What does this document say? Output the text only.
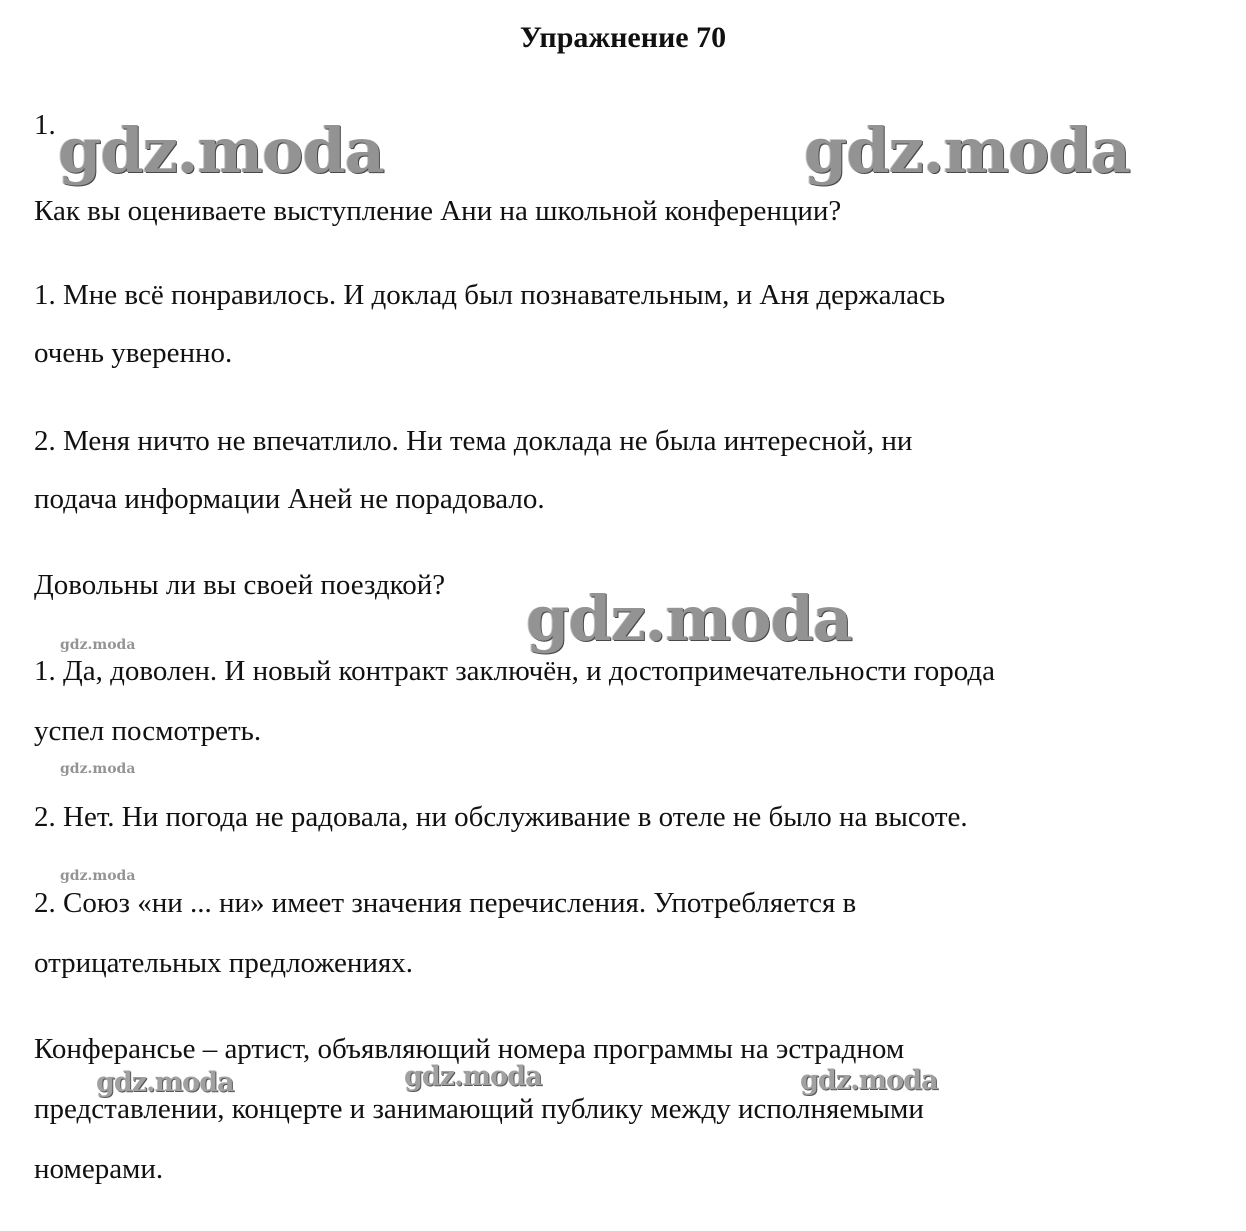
Упражнение 70
1.
Как вы оцениваете выступление Ани на школьной конференции?
1. Мне всё понравилось. И доклад был познавательным, и Аня держалась
очень уверенно.
2. Меня ничто не впечатлило. Ни тема доклада не была интересной, ни
подача информации Аней не порадовало.
Довольны ли вы своей поездкой?
1. Да, доволен. И новый контракт заключён, и достопримечательности города
успел посмотреть.
2. Нет. Ни погода не радовала, ни обслуживание в отеле не было на высоте.
2. Союз «ни ... ни» имеет значения перечисления. Употребляется в
отрицательных предложениях.
Конферансье – артист, объявляющий номера программы на эстрадном
представлении, концерте и занимающий публику между исполняемыми
номерами.
gdz.moda	gdz.moda
gdz.moda
gdz.moda
gdz.moda
gdz.moda
gdz.moda	gdz.moda	gdz.moda
